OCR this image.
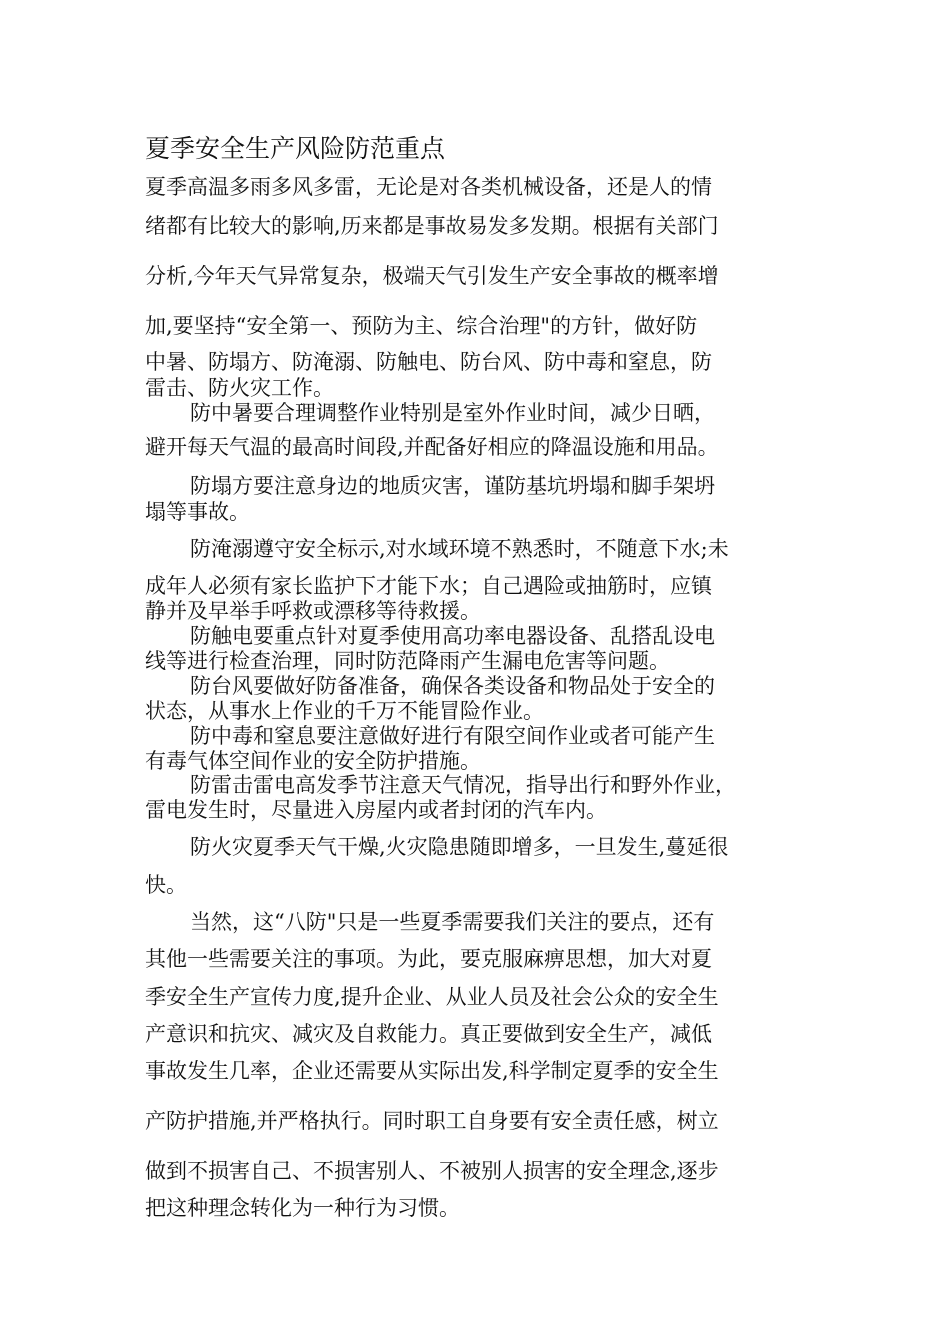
夏季安全生产风险防范重点

夏季高温多雨多风多雷，无论是对各类机械设备，还是人的情

绪都有比较大的影响,历来都是事故易发多发期。根据有关部门

分析,今年天气异常复杂，极端天气引发生产安全事故的概率增

加,要坚持“安全第一、预防为主、综合治理"的方针，做好防

中暑、防塌方、防淹溺、防触电、防台风、防中毒和窒息，防

雷击、防火灾工作。

防中暑要合理调整作业特别是室外作业时间，减少日晒，

避开每天气温的最高时间段,并配备好相应的降温设施和用品。

防塌方要注意身边的地质灾害，谨防基坑坍塌和脚手架坍

塌等事故。

防淹溺遵守安全标示,对水域环境不熟悉时，不随意下水;未

成年人必须有家长监护下才能下水；自己遇险或抽筋时，应镇

静并及早举手呼救或漂移等待救援。

防触电要重点针对夏季使用高功率电器设备、乱搭乱设电

线等进行检查治理，同时防范降雨产生漏电危害等问题。

防台风要做好防备准备，确保各类设备和物品处于安全的

状态，从事水上作业的千万不能冒险作业。

防中毒和窒息要注意做好进行有限空间作业或者可能产生

有毒气体空间作业的安全防护措施。

防雷击雷电高发季节注意天气情况，指导出行和野外作业，

雷电发生时，尽量进入房屋内或者封闭的汽车内。

防火灾夏季天气干燥,火灾隐患随即增多，一旦发生,蔓延很

快。

当然，这“八防"只是一些夏季需要我们关注的要点，还有

其他一些需要关注的事项。为此，要克服麻痹思想，加大对夏

季安全生产宣传力度,提升企业、从业人员及社会公众的安全生

产意识和抗灾、减灾及自救能力。真正要做到安全生产，减低

事故发生几率，企业还需要从实际出发,科学制定夏季的安全生

产防护措施,并严格执行。同时职工自身要有安全责任感，树立

做到不损害自己、不损害别人、不被别人损害的安全理念,逐步

把这种理念转化为一种行为习惯。
